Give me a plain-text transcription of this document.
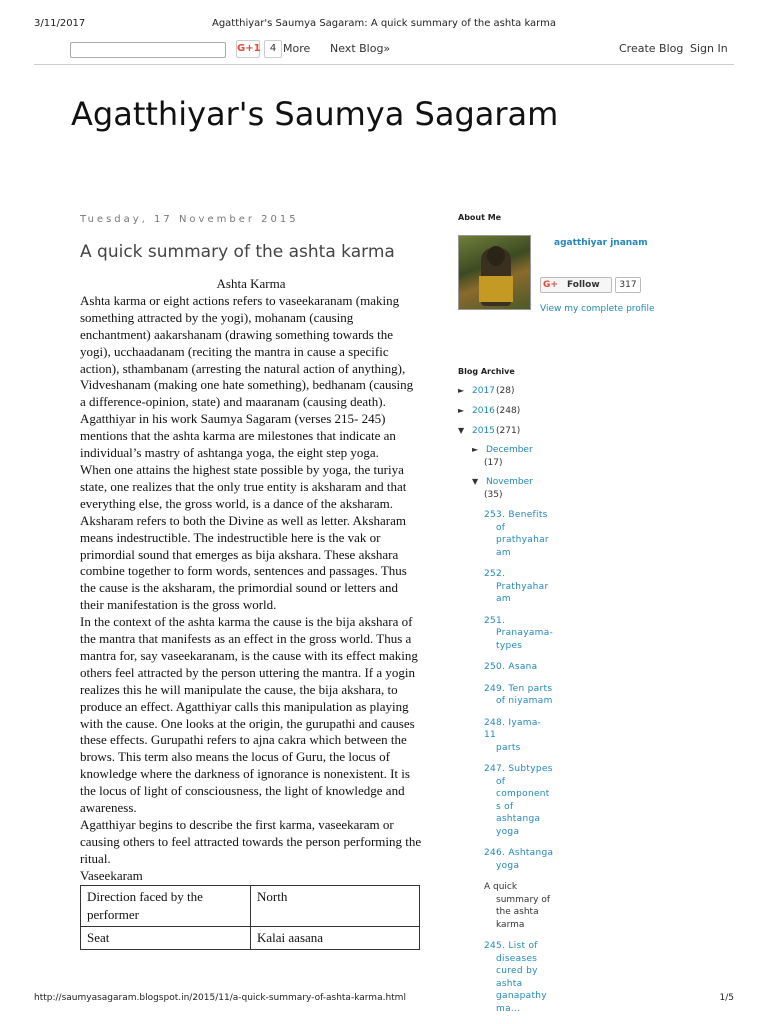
3/11/2017	Agatthiyar's Saumya Sagaram: A quick summary of the ashta karma
G+1 4 More Next Blog»	Create Blog Sign In
Agatthiyar's Saumya Sagaram
Tuesday, 17 November 2015
A quick summary of the ashta karma
Ashta Karma

Ashta karma or eight actions refers to vaseekaranam (making something attracted by the yogi), mohanam (causing enchantment) aakarshanam (drawing something towards the yogi), ucchaadanam (reciting the mantra in cause a specific action), sthambanam (arresting the natural action of anything), Vidveshanam (making one hate something), bedhanam (causing a difference-opinion, state) and maaranam (causing death). Agatthiyar in his work Saumya Sagaram (verses 215- 245) mentions that the ashta karma are milestones that indicate an individual’s mastry of ashtanga yoga, the eight step yoga.

When one attains the highest state possible by yoga, the turiya state, one realizes that the only true entity is aksharam and that everything else, the gross world, is a dance of the aksharam. Aksharam refers to both the Divine as well as letter. Aksharam means indestructible. The indestructible here is the vak or primordial sound that emerges as bija akshara. These akshara combine together to form words, sentences and passages. Thus the cause is the aksharam, the primordial sound or letters and their manifestation is the gross world.

In the context of the ashta karma the cause is the bija akshara of the mantra that manifests as an effect in the gross world. Thus a mantra for, say vaseekaranam, is the cause with its effect making others feel attracted by the person uttering the mantra. If a yogin realizes this he will manipulate the cause, the bija akshara, to produce an effect. Agatthiyar calls this manipulation as playing with the cause. One looks at the origin, the gurupathi and causes these effects. Gurupathi refers to ajna cakra which between the brows. This term also means the locus of Guru, the locus of knowledge where the darkness of ignorance is nonexistent. It is the locus of light of consciousness, the light of knowledge and awareness.

Agatthiyar begins to describe the first karma, vaseekaram or causing others to feel attracted towards the person performing the ritual.

Vaseekaram
Direction faced by the performer	North
Seat	Kalai aasana
About Me
agatthiyar jnanam
G+ Follow	317
View my complete profile
Blog Archive
► 2017 (28)
► 2016 (248)
▼ 2015 (271)
► December
(17)
▼ November
(35)
253. Benefits
of
prathyahar
am
252.
Prathyahar
am
251.
Pranayama-
types
250. Asana
249. Ten parts
of niyamam
248. Iyama- 11
parts
247. Subtypes
of
component
s of
ashtanga
yoga
246. Ashtanga
yoga
A quick
summary of
the ashta
karma
245. List of
diseases
cured by
ashta
ganapathy
ma...
http://saumyasagaram.blogspot.in/2015/11/a-quick-summary-of-ashta-karma.html	1/5
